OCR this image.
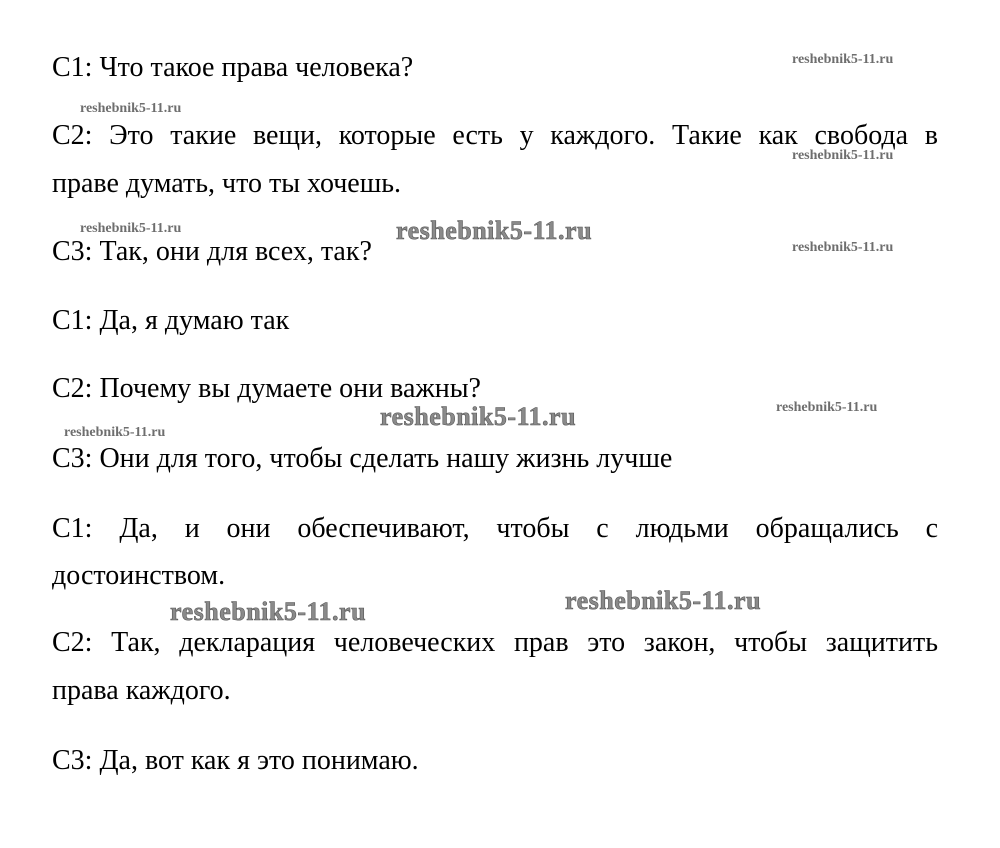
C1: Что такое права человека?
C2: Это такие вещи, которые есть у каждого. Такие как свобода в
праве думать, что ты хочешь.
C3: Так, они для всех, так?
C1: Да, я думаю так
C2: Почему вы думаете они важны?
C3: Они для того, чтобы сделать нашу жизнь лучше
C1: Да, и они обеспечивают, чтобы с людьми обращались с
достоинством.
C2: Так, декларация человеческих прав это закон, чтобы защитить
права каждого.
C3: Да, вот как я это понимаю.
reshebnik5-11.ru
reshebnik5-11.ru
reshebnik5-11.ru
reshebnik5-11.ru	reshebnik5-11.ru
reshebnik5-11.ru
reshebnik5-11.ru
reshebnik5-11.ru
reshebnik5-11.ru
reshebnik5-11.ru
reshebnik5-11.ru
